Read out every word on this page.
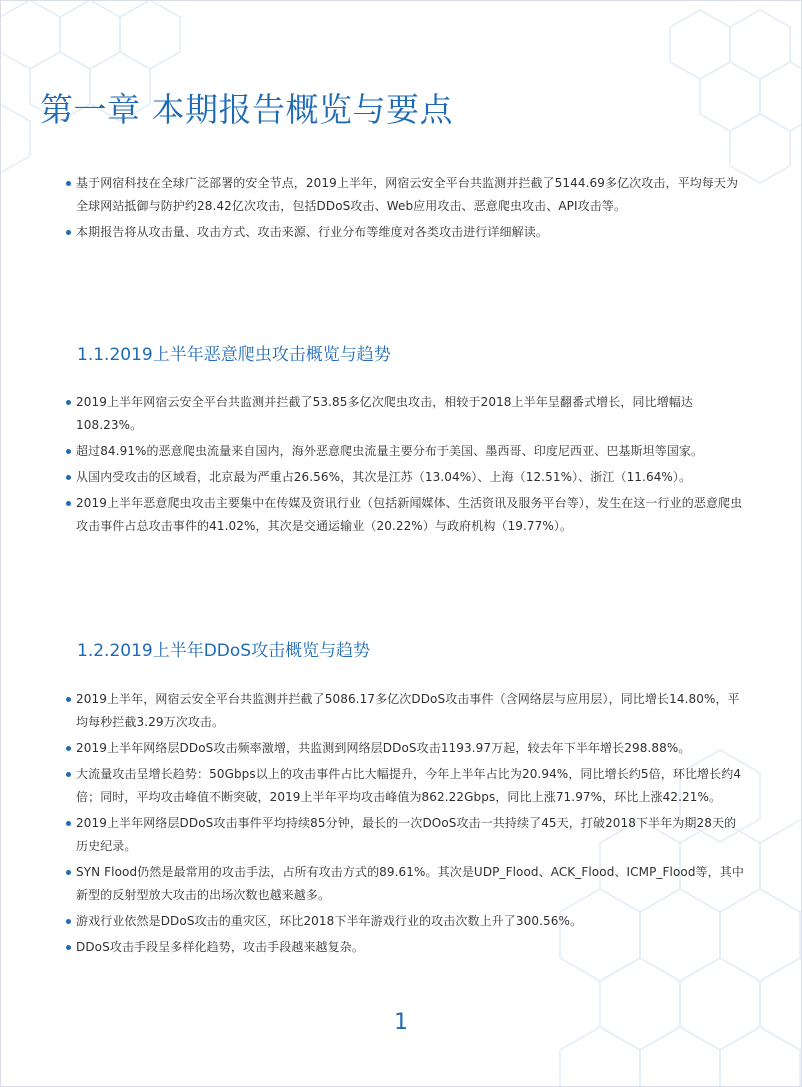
第一章 本期报告概览与要点
基于网宿科技在全球广泛部署的安全节点，2019上半年，网宿云安全平台共监测并拦截了5144.69多亿次攻击，平均每天为全球网站抵御与防护约28.42亿次攻击，包括DDoS攻击、Web应用攻击、恶意爬虫攻击、API攻击等。
本期报告将从攻击量、攻击方式、攻击来源、行业分布等维度对各类攻击进行详细解读。
1.1.2019上半年恶意爬虫攻击概览与趋势
2019上半年网宿云安全平台共监测并拦截了53.85多亿次爬虫攻击，相较于2018上半年呈翻番式增长，同比增幅达108.23%。
超过84.91%的恶意爬虫流量来自国内，海外恶意爬虫流量主要分布于美国、墨西哥、印度尼西亚、巴基斯坦等国家。
从国内受攻击的区域看，北京最为严重占26.56%，其次是江苏（13.04%）、上海（12.51%）、浙江（11.64%）。
2019上半年恶意爬虫攻击主要集中在传媒及资讯行业（包括新闻媒体、生活资讯及服务平台等），发生在这一行业的恶意爬虫攻击事件占总攻击事件的41.02%，其次是交通运输业（20.22%）与政府机构（19.77%）。
1.2.2019上半年DDoS攻击概览与趋势
2019上半年，网宿云安全平台共监测并拦截了5086.17多亿次DDoS攻击事件（含网络层与应用层），同比增长14.80%，平均每秒拦截3.29万次攻击。
2019上半年网络层DDoS攻击频率激增，共监测到网络层DDoS攻击1193.97万起，较去年下半年增长298.88%。
大流量攻击呈增长趋势：50Gbps以上的攻击事件占比大幅提升，今年上半年占比为20.94%，同比增长约5倍，环比增长约4倍；同时，平均攻击峰值不断突破，2019上半年平均攻击峰值为862.22Gbps，同比上涨71.97%，环比上涨42.21%。
2019上半年网络层DDoS攻击事件平均持续85分钟，最长的一次DOoS攻击一共持续了45天，打破2018下半年为期28天的历史纪录。
SYN Flood仍然是最常用的攻击手法，占所有攻击方式的89.61%。其次是UDP_Flood、ACK_Flood、ICMP_Flood等，其中新型的反射型放大攻击的出场次数也越来越多。
游戏行业依然是DDoS攻击的重灾区，环比2018下半年游戏行业的攻击次数上升了300.56%。
DDoS攻击手段呈多样化趋势，攻击手段越来越复杂。
1
